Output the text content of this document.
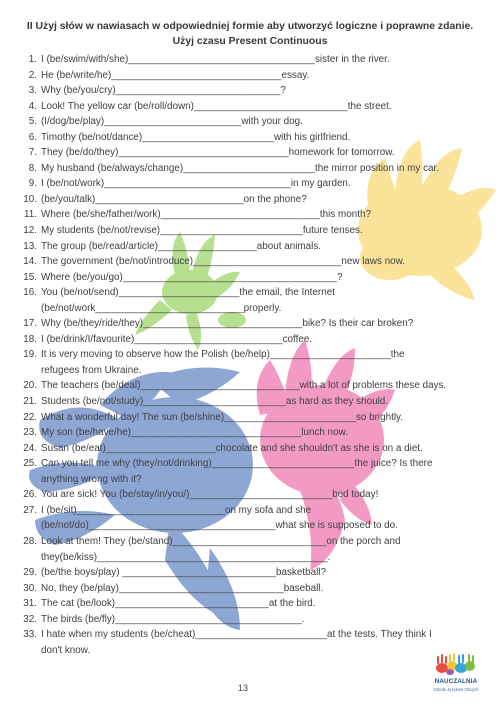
II Użyj słów w nawiasach w odpowiedniej formie aby utworzyć logiczne i poprawne zdanie. Użyj czasu Present Continuous
1. I (be/swim/with/she)__________________________________sister in the river.
2. He (be/write/he)_______________________________essay.
3. Why (be/you/cry)______________________________?
4. Look! The yellow car (be/roll/down)____________________________the street.
5. (I/dog/be/play)_________________________with your dog.
6. Timothy (be/not/dance)________________________with his girlfriend.
7. They (be/do/they)_______________________________homework for tomorrow.
8. My husband (be/always/change)________________________the mirror position in my car.
9. I (be/not/work)__________________________________in my garden.
10. (be/you/talk)___________________________on the phone?
11. Where (be/she/father/work)_____________________________this month?
12. My students (be/not/revise)__________________________future tenses.
13. The group (be/read/article)__________________about animals.
14. The government (be/not/introduce)___________________________new laws now.
15. Where (be/you/go)_______________________________________?
16. You (be/not/send)______________________the email, the Internet
(be/not/work___________________________properly.
17. Why (be/they/ride/they)_____________________________bike? Is their car broken?
18. I (be/drink/I/favourite)___________________________coffee.
19. It is very moving to observe how the Polish (be/help)______________________the
refugees from Ukraine.
20. The teachers (be/deal)_____________________________with a lot of problems these days.
21. Students (be/not/study)__________________________as hard as they should.
22. What a wonderful day! The sun (be/shine)________________________so brightly.
23. My son (be/have/he)_______________________________lunch now.
24. Susan (be/eat)____________________chocolate and she shouldn't as she is on a diet.
25. Can you tell me why (they/not/drinking)__________________________the juice? Is there
anything wrong with it?
26. You are sick! You (be/stay/in/you/)__________________________bed today!
27. I (be/sit)___________________________on my sofa and she
(be/not/do)__________________________________what she is supposed to do.
28. Look at them! They (be/stand)____________________________on the porch and
they(be/kiss)__________________________________________.
29. (be/the boys/play) ____________________________basketball?
30. No, they (be/play)______________________________baseball.
31. The cat (be/look)____________________________at the bird.
32. The birds (be/fly)__________________________________.
33. I hate when my students (be/cheat)________________________at the tests. They think I
don't know.
NAUCZALNIA
Szkoła Językow Obcych
13
